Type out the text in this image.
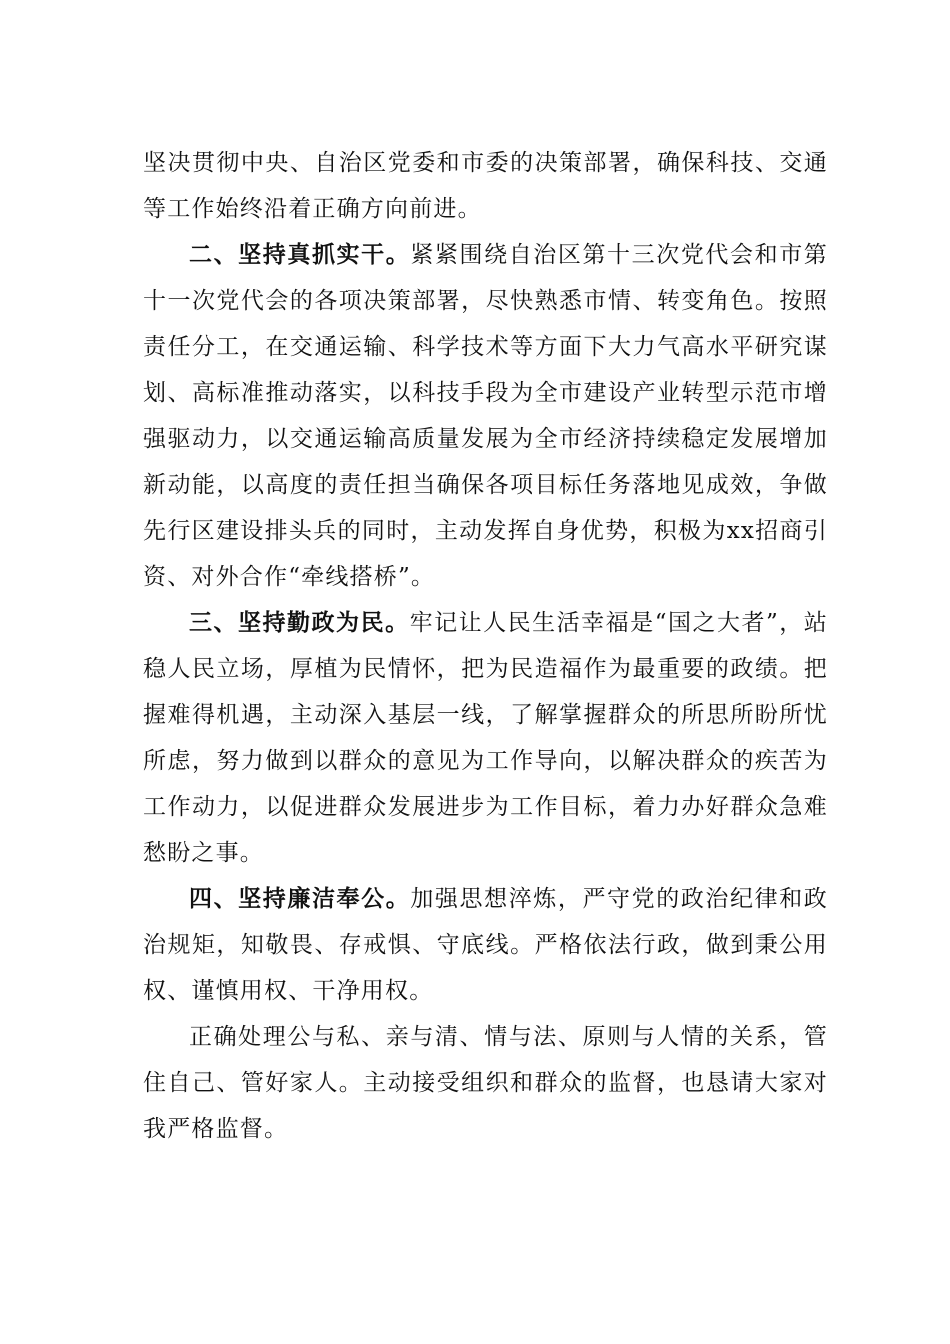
坚决贯彻中央、自治区党委和市委的决策部署，确保科技、交通等工作始终沿着正确方向前进。

二、坚持真抓实干。紧紧围绕自治区第十三次党代会和市第十一次党代会的各项决策部署，尽快熟悉市情、转变角色。按照责任分工，在交通运输、科学技术等方面下大力气高水平研究谋划、高标准推动落实，以科技手段为全市建设产业转型示范市增强驱动力，以交通运输高质量发展为全市经济持续稳定发展增加新动能，以高度的责任担当确保各项目标任务落地见成效，争做先行区建设排头兵的同时，主动发挥自身优势，积极为xx招商引资、对外合作“牵线搭桥”。

三、坚持勤政为民。牢记让人民生活幸福是“国之大者”，站稳人民立场，厚植为民情怀，把为民造福作为最重要的政绩。把握难得机遇，主动深入基层一线，了解掌握群众的所思所盼所忧所虑，努力做到以群众的意见为工作导向，以解决群众的疾苦为工作动力，以促进群众发展进步为工作目标，着力办好群众急难愁盼之事。

四、坚持廉洁奉公。加强思想淬炼，严守党的政治纪律和政治规矩，知敬畏、存戒惧、守底线。严格依法行政，做到秉公用权、谨慎用权、干净用权。

正确处理公与私、亲与清、情与法、原则与人情的关系，管住自己、管好家人。主动接受组织和群众的监督，也恳请大家对我严格监督。
